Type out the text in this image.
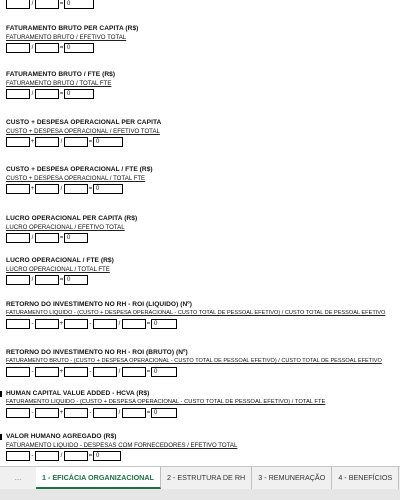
/	= 0
FATURAMENTO BRUTO PER CAPITA (R$)
FATURAMENTO BRUTO / EFETIVO TOTAL
/	= 0
FATURAMENTO BRUTO / FTE (R$)
FATURAMENTO BRUTO / TOTAL FTE
/	= 0
CUSTO + DESPESA OPERACIONAL PER CAPITA
CUSTO + DESPESA OPERACIONAL / EFETIVO TOTAL
+	/	= 0
CUSTO + DESPESA OPERACIONAL / FTE (R$)
CUSTO + DESPESA OPERACIONAL / TOTAL FTE
+	/	= 0
LUCRO OPERACIONAL PER CAPITA (R$)
LUCRO OPERACIONAL / EFETIVO TOTAL
/	= 0
LUCRO OPERACIONAL / FTE (R$)
LUCRO OPERACIONAL / TOTAL FTE
/	= 0
RETORNO DO INVESTIMENTO NO RH - ROI (LIQUIDO) (Nº)
FATURAMENTO LIQUIDO - (CUSTO + DESPESA OPERACIONAL - CUSTO TOTAL DE PESSOAL EFETIVO) / CUSTO TOTAL DE PESSOAL EFETIVO
-	+	-	/	= 0
RETORNO DO INVESTIMENTO NO RH - ROI (BRUTO) (Nº)
FATURAMENTO BRUTO - (CUSTO + DESPESA OPERACIONAL - CUSTO TOTAL DE PESSOAL EFETIVO) / CUSTO TOTAL DE PESSOAL EFETIVO
-	+	-	/	= 0
HUMAN CAPITAL VALUE ADDED - HCVA (R$)
FATURAMENTO LIQUIDO - (CUSTO + DESPESA OPERACIONAL - CUSTO TOTAL DE PESSOAL EFETIVO) / TOTAL FTE
-	+	-	/	= 0
VALOR HUMANO AGREGADO (R$)
FATURAMENTO LIQUIDO - DESPESAS COM FORNECEDORES / EFETIVO TOTAL
-	/	= 0
...	1 - EFICÁCIA ORGANIZACIONAL	2 - ESTRUTURA DE RH	3 - REMUNERAÇÃO	4 - BENEFÍCIOS
